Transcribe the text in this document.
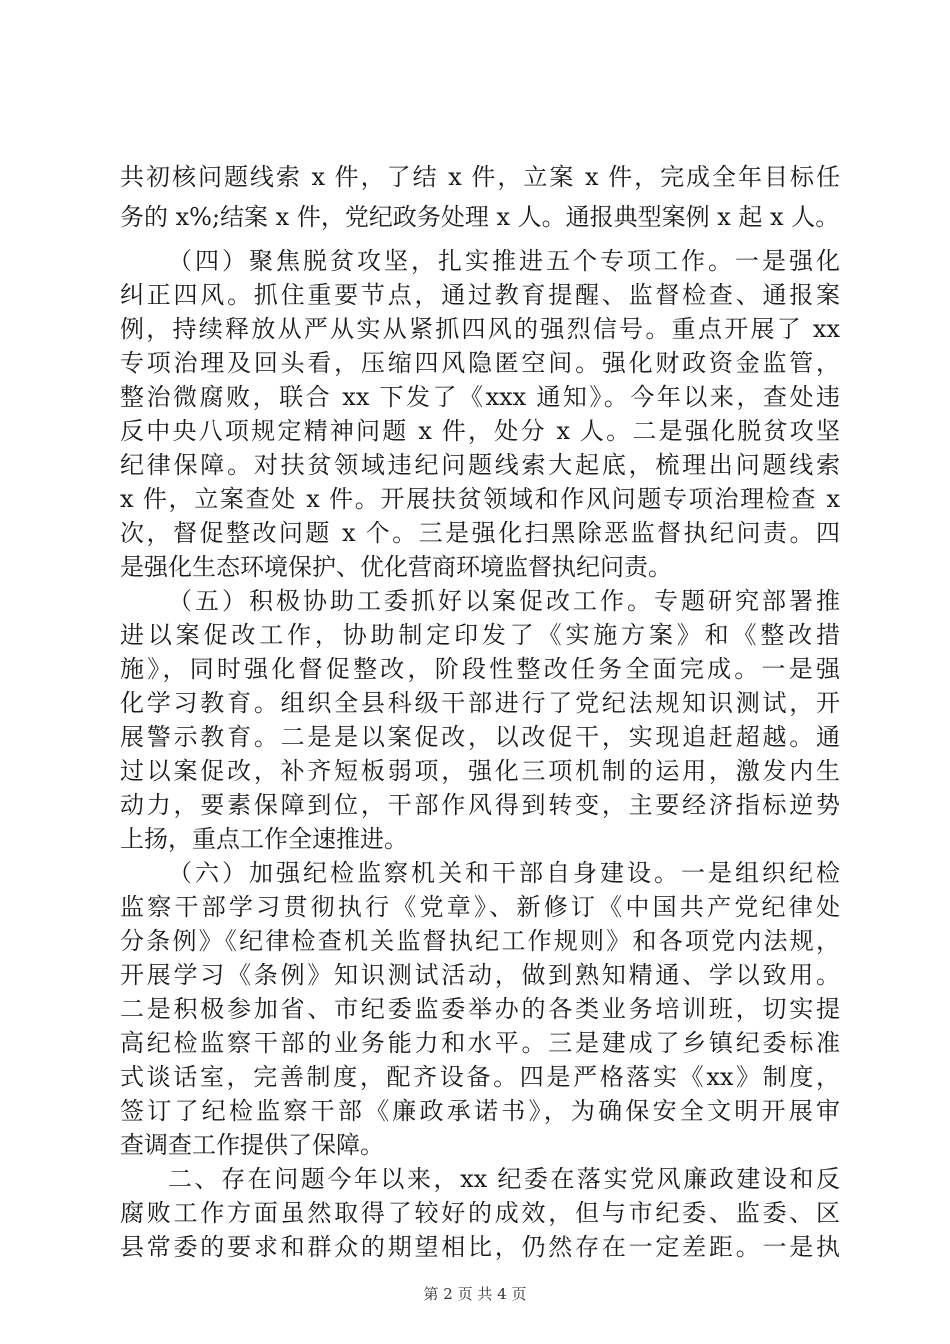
共初核问题线索 x 件，了结 x 件，立案 x 件，完成全年目标任
务的 x%;结案 x 件，党纪政务处理 x 人。通报典型案例 x 起 x 人。
（四）聚焦脱贫攻坚，扎实推进五个专项工作。一是强化
纠正四风。抓住重要节点，通过教育提醒、监督检查、通报案
例，持续释放从严从实从紧抓四风的强烈信号。重点开展了 xx
专项治理及回头看，压缩四风隐匿空间。强化财政资金监管，
整治微腐败，联合 xx 下发了《xxx 通知》。今年以来，查处违
反中央八项规定精神问题 x 件，处分 x 人。二是强化脱贫攻坚
纪律保障。对扶贫领域违纪问题线索大起底，梳理出问题线索
x 件，立案查处 x 件。开展扶贫领域和作风问题专项治理检查 x
次，督促整改问题 x 个。三是强化扫黑除恶监督执纪问责。四
是强化生态环境保护、优化营商环境监督执纪问责。
（五）积极协助工委抓好以案促改工作。专题研究部署推
进以案促改工作，协助制定印发了《实施方案》和《整改措
施》，同时强化督促整改，阶段性整改任务全面完成。一是强
化学习教育。组织全县科级干部进行了党纪法规知识测试，开
展警示教育。二是是以案促改，以改促干，实现追赶超越。通
过以案促改，补齐短板弱项，强化三项机制的运用，激发内生
动力，要素保障到位，干部作风得到转变，主要经济指标逆势
上扬，重点工作全速推进。
（六）加强纪检监察机关和干部自身建设。一是组织纪检
监察干部学习贯彻执行《党章》、新修订《中国共产党纪律处
分条例》《纪律检查机关监督执纪工作规则》和各项党内法规，
开展学习《条例》知识测试活动，做到熟知精通、学以致用。
二是积极参加省、市纪委监委举办的各类业务培训班，切实提
高纪检监察干部的业务能力和水平。三是建成了乡镇纪委标准
式谈话室，完善制度，配齐设备。四是严格落实《xx》制度，
签订了纪检监察干部《廉政承诺书》，为确保安全文明开展审
查调查工作提供了保障。
二、存在问题今年以来，xx 纪委在落实党风廉政建设和反
腐败工作方面虽然取得了较好的成效，但与市纪委、监委、区
县常委的要求和群众的期望相比，仍然存在一定差距。一是执
第 2 页 共 4 页
